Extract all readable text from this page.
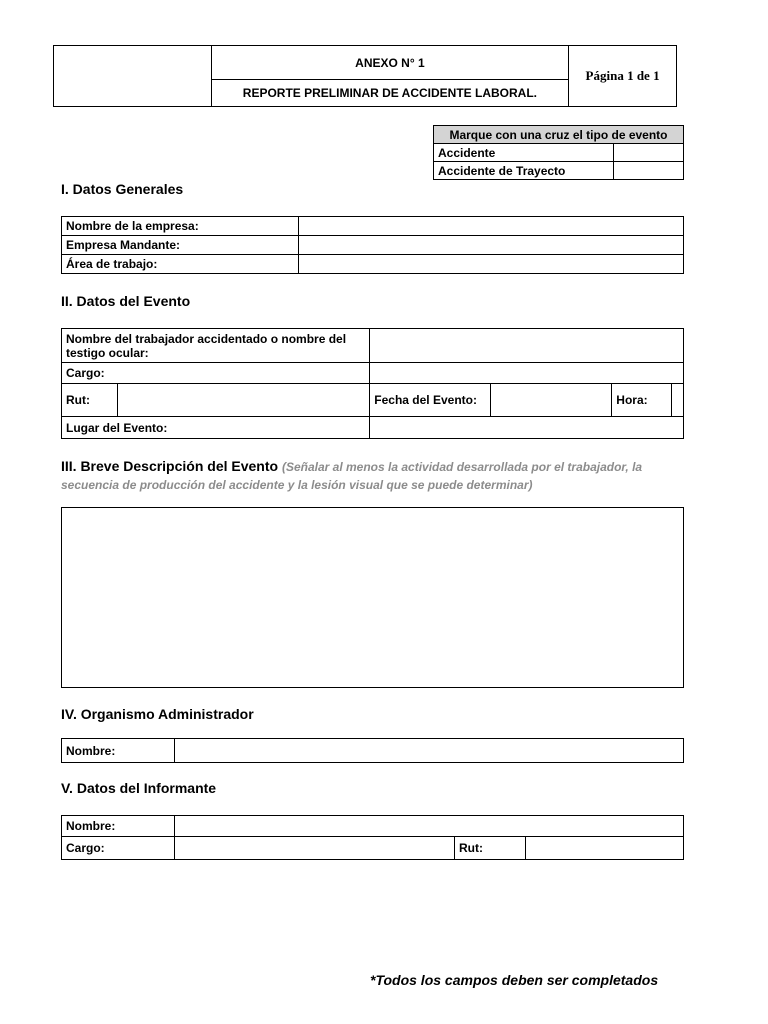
	ANEXO N° 1	Página 1 de 1
REPORTE PRELIMINAR DE ACCIDENTE LABORAL.
Marque con una cruz el tipo de evento	
Accidente	
Accidente de Trayecto	
I. Datos Generales
Nombre de la empresa:	
Empresa Mandante:	
Área de trabajo:	
II. Datos del Evento
Nombre del trabajador accidentado o nombre del testigo ocular:					
Cargo:					
Rut:		Fecha del Evento:		Hora:	
Lugar del Evento:					
III. Breve Descripción del Evento (Señalar al menos la actividad desarrollada por el trabajador, la secuencia de producción del accidente y la lesión visual que se puede determinar)
IV. Organismo Administrador
Nombre:	
V. Datos del Informante
Nombre:			
Cargo:		Rut:	
*Todos los campos deben ser completados
